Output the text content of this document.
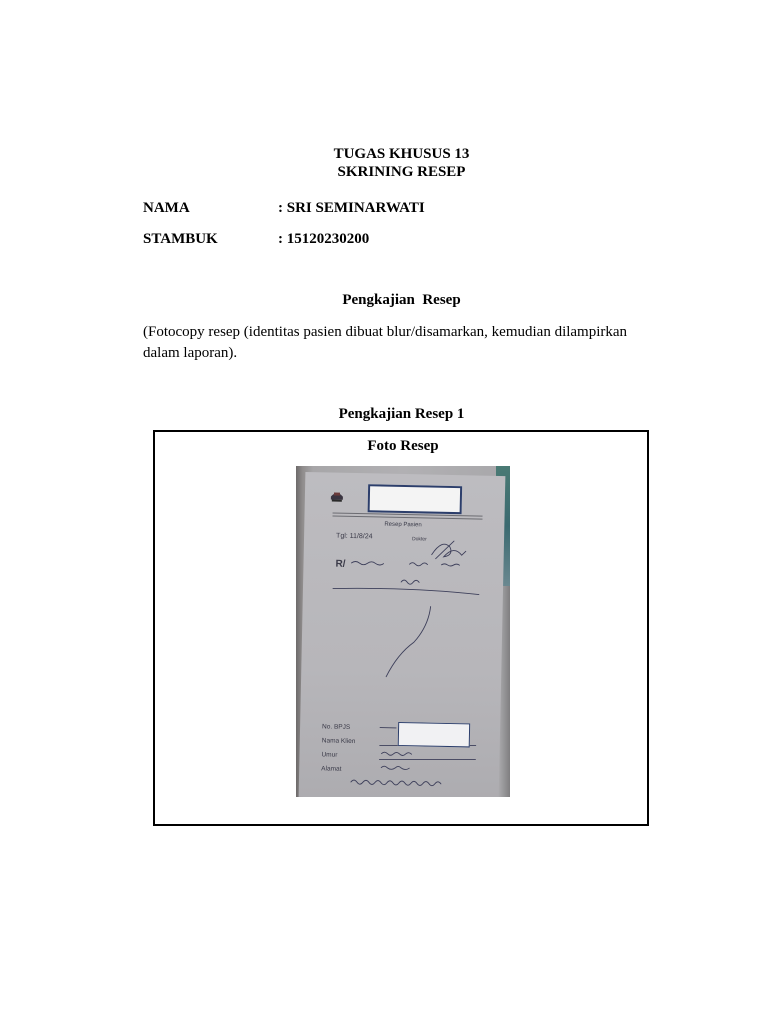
TUGAS KHUSUS 13
SKRINING RESEP
NAMA	: SRI SEMINARWATI
STAMBUK	: 15120230200
Pengkajian  Resep
(Fotocopy resep (identitas pasien dibuat blur/disamarkan, kemudian dilampirkan dalam laporan).
Pengkajian Resep 1
Foto Resep
Resep Pasien
Tgl: 11/8/24	Dokter
R/
No. BPJS
Nama Klien
Umur
Alamat
